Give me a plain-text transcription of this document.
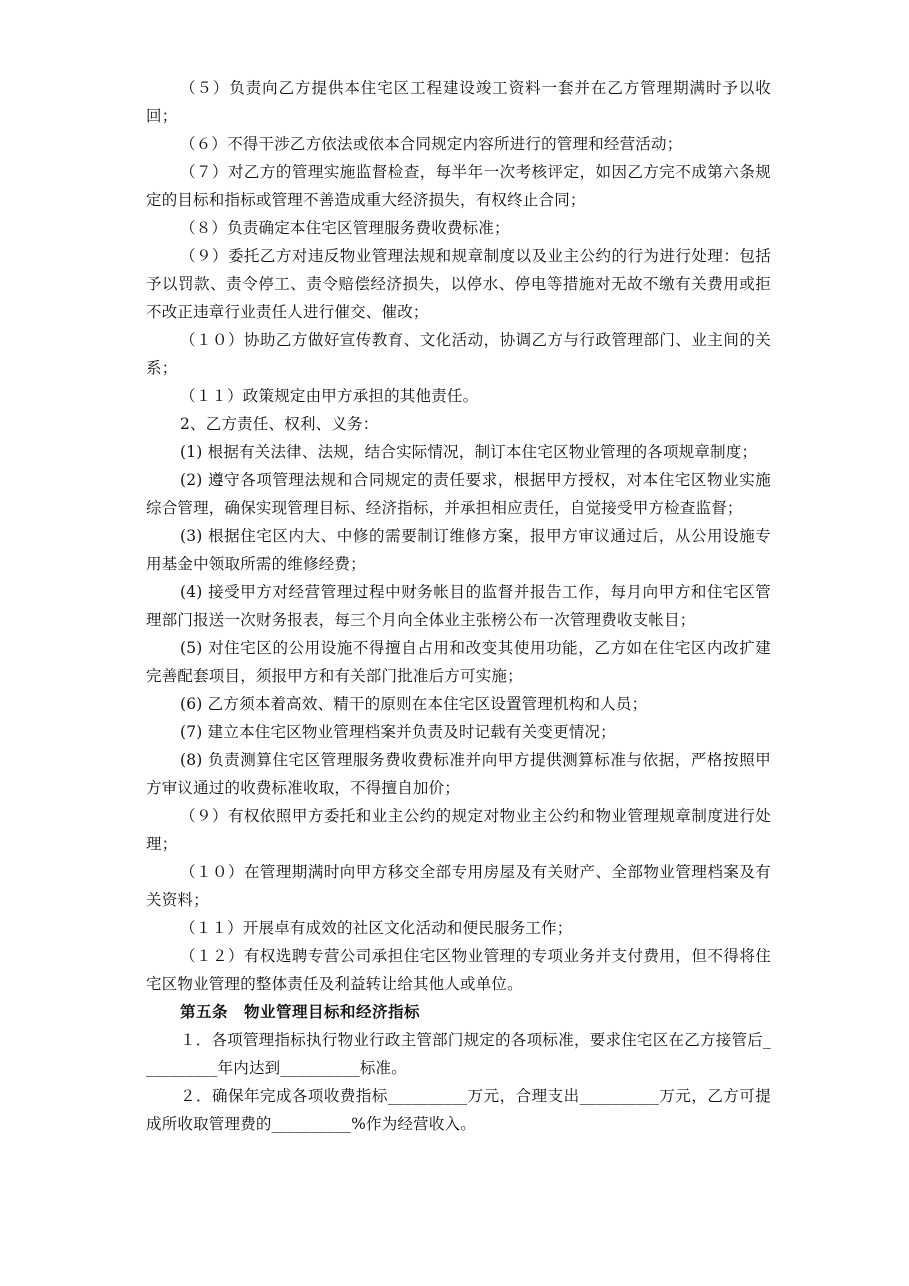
（５）负责向乙方提供本住宅区工程建设竣工资料一套并在乙方管理期满时予以收回；

（６）不得干涉乙方依法或依本合同规定内容所进行的管理和经营活动；

（７）对乙方的管理实施监督检查，每半年一次考核评定，如因乙方完不成第六条规定的目标和指标或管理不善造成重大经济损失，有权终止合同；

（８）负责确定本住宅区管理服务费收费标准；

（９）委托乙方对违反物业管理法规和规章制度以及业主公约的行为进行处理：包括予以罚款、责令停工、责令赔偿经济损失，以停水、停电等措施对无故不缴有关费用或拒不改正违章行业责任人进行催交、催改；

（１０）协助乙方做好宣传教育、文化活动，协调乙方与行政管理部门、业主间的关系；

（１１）政策规定由甲方承担的其他责任。

2、乙方责任、权利、义务：

(1) 根据有关法律、法规，结合实际情况，制订本住宅区物业管理的各项规章制度；

(2) 遵守各项管理法规和合同规定的责任要求，根据甲方授权，对本住宅区物业实施综合管理，确保实现管理目标、经济指标，并承担相应责任，自觉接受甲方检查监督；

(3) 根据住宅区内大、中修的需要制订维修方案，报甲方审议通过后，从公用设施专用基金中领取所需的维修经费；

(4) 接受甲方对经营管理过程中财务帐目的监督并报告工作，每月向甲方和住宅区管理部门报送一次财务报表，每三个月向全体业主张榜公布一次管理费收支帐目；

(5) 对住宅区的公用设施不得擅自占用和改变其使用功能，乙方如在住宅区内改扩建完善配套项目，须报甲方和有关部门批准后方可实施；

(6) 乙方须本着高效、精干的原则在本住宅区设置管理机构和人员；

(7) 建立本住宅区物业管理档案并负责及时记载有关变更情况；

(8) 负责测算住宅区管理服务费收费标准并向甲方提供测算标准与依据，严格按照甲方审议通过的收费标准收取，不得擅自加价；

（９）有权依照甲方委托和业主公约的规定对物业主公约和物业管理规章制度进行处理；

（１０）在管理期满时向甲方移交全部专用房屋及有关财产、全部物业管理档案及有关资料；

（１１）开展卓有成效的社区文化活动和便民服务工作；

（１２）有权选聘专营公司承担住宅区物业管理的专项业务并支付费用，但不得将住宅区物业管理的整体责任及利益转让给其他人或单位。

第五条　物业管理目标和经济指标

１．各项管理指标执行物业行政主管部门规定的各项标准，要求住宅区在乙方接管后__________年内达到__________标准。

２．确保年完成各项收费指标__________万元，合理支出__________万元，乙方可提成所收取管理费的__________%作为经营收入。
